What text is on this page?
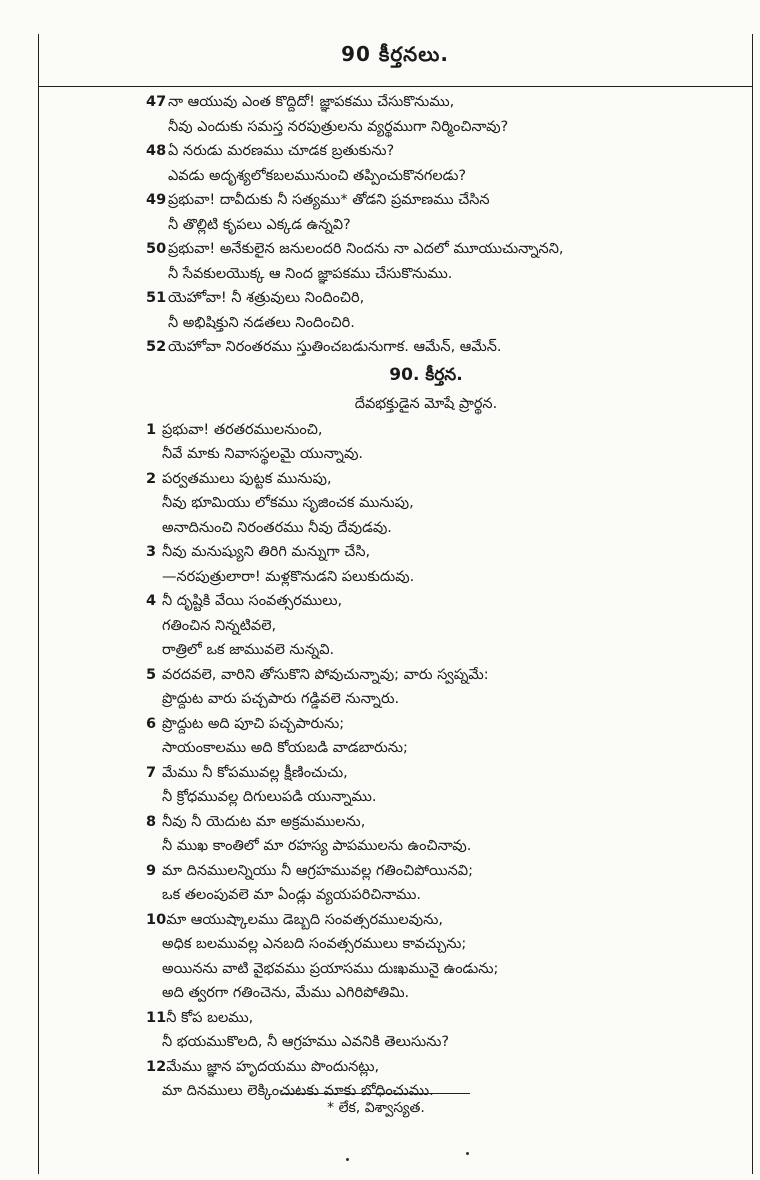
90 కీర్తనలు.
47 నా ఆయువు ఎంత కొద్దిదో! జ్ఞాపకము చేసుకొనుము,
నీవు ఎందుకు సమస్త నరపుత్రులను వ్యర్థముగా నిర్మించినావు?
48 ఏ నరుడు మరణము చూడక బ్రతుకును?
ఎవడు అదృశ్యలోకబలమునుంచి తప్పించుకొనగలడు?
49 ప్రభువా! దావీదుకు నీ సత్యము* తోడని ప్రమాణము చేసిన
నీ తొల్లిటి కృపలు ఎక్కడ ఉన్నవి?
50 ప్రభువా! అనేకులైన జనులందరి నిందను నా ఎదలో మూయుచున్నానని,
నీ సేవకులయొక్క ఆ నింద జ్ఞాపకము చేసుకొనుము.
51 యెహోవా! నీ శత్రువులు నిందించిరి,
నీ అభిషిక్తుని నడతలు నిందించిరి.
52 యెహోవా నిరంతరము స్తుతించబడునుగాక. ఆమేన్, ఆమేన్.
90. కీర్తన.
దేవభక్తుడైన మోషే ప్రార్థన.
1 ప్రభువా! తరతరములనుంచి,
నీవే మాకు నివాసస్థలమై యున్నావు.
2 పర్వతములు పుట్టక మునుపు,
నీవు భూమియు లోకము సృజించక మునుపు,
అనాదినుంచి నిరంతరము నీవు దేవుడవు.
3 నీవు మనుష్యుని తిరిగి మన్నుగా చేసి,
—నరపుత్రులారా! మళ్లకొనుడని పలుకుదువు.
4 నీ దృష్టికి వేయి సంవత్సరములు,
గతించిన నిన్నటివలె,
రాత్రిలో ఒక జామువలె నున్నవి.
5 వరదవలె, వారిని తోసుకొని పోవుచున్నావు; వారు స్వప్నమే:
ప్రొద్దుట వారు పచ్చపారు గడ్డివలె నున్నారు.
6 ప్రొద్దుట అది పూచి పచ్చపారును;
సాయంకాలము అది కోయబడి వాడబారును;
7 మేము నీ కోపమువల్ల క్షీణించుచు,
నీ క్రోధమువల్ల దిగులుపడి యున్నాము.
8 నీవు నీ యెదుట మా అక్రమములను,
నీ ముఖ కాంతిలో మా రహస్య పాపములను ఉంచినావు.
9 మా దినములన్నియు నీ ఆగ్రహమువల్ల గతించిపోయినవి;
ఒక తలంపువలె మా ఏండ్లు వ్యయపరిచినాము.
10 మా ఆయుష్కాలము డెబ్బది సంవత్సరములవును,
అధిక బలమువల్ల ఎనబది సంవత్సరములు కావచ్చును;
అయినను వాటి వైభవము ప్రయాసము దుఃఖమునై ఉండును;
అది త్వరగా గతించెను, మేము ఎగిరిపోతిమి.
11 నీ కోప బలము,
నీ భయముకొలది, నీ ఆగ్రహము ఎవనికి తెలుసును?
12 మేము జ్ఞాన హృదయము పొందునట్లు,
మా దినములు లెక్కించుటకు మాకు బోధించుము.
* లేక, విశ్వాస్యత.
